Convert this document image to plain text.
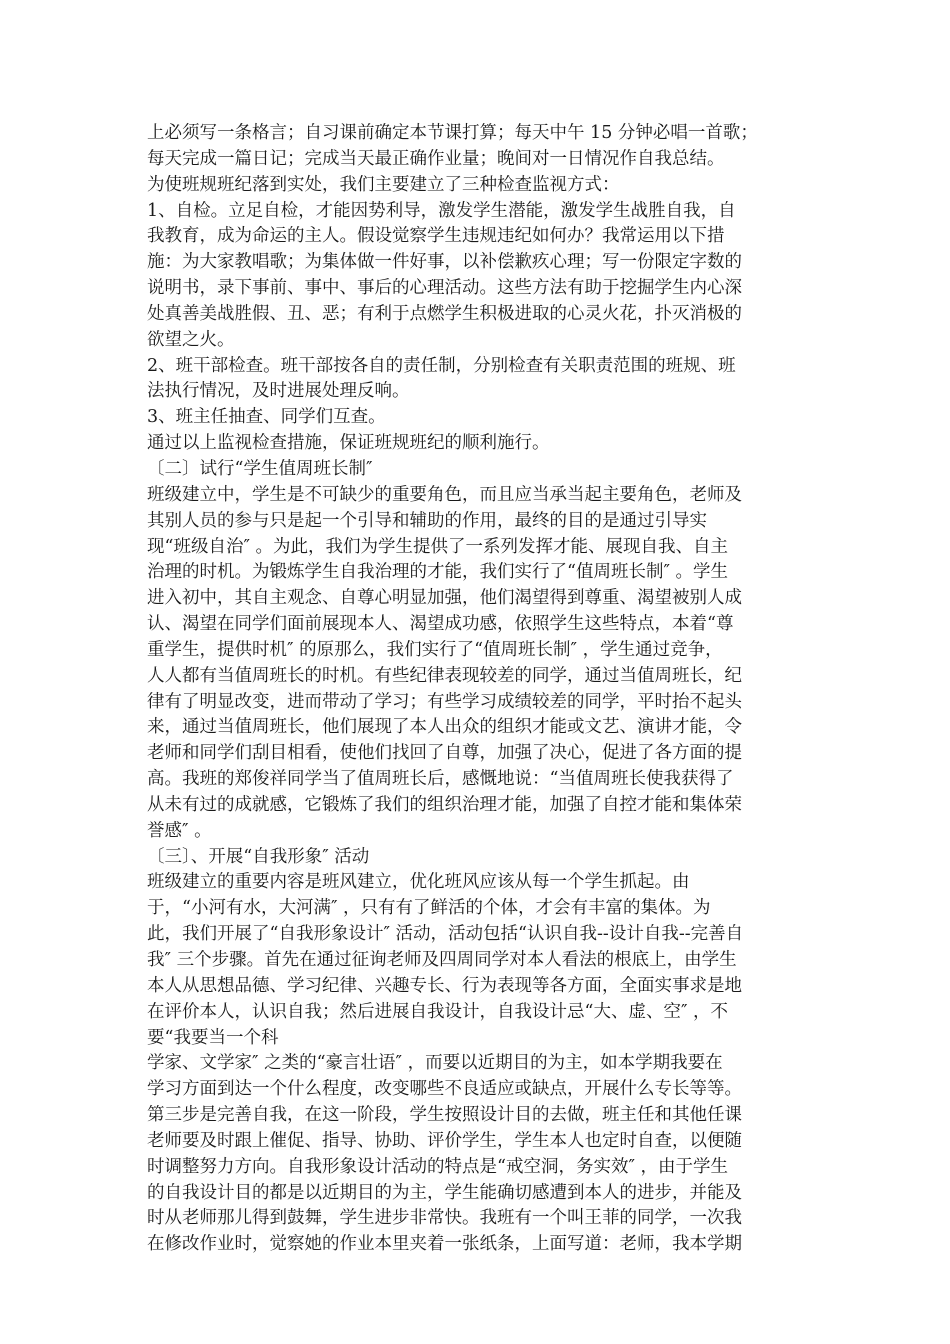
上必须写一条格言；自习课前确定本节课打算；每天中午 15 分钟必唱一首歌；
每天完成一篇日记；完成当天最正确作业量；晚间对一日情况作自我总结。
为使班规班纪落到实处，我们主要建立了三种检查监视方式：
1、自检。立足自检，才能因势利导，激发学生潜能，激发学生战胜自我，自
我教育，成为命运的主人。假设觉察学生违规违纪如何办？我常运用以下措
施：为大家教唱歌；为集体做一件好事，以补偿歉疚心理；写一份限定字数的
说明书，录下事前、事中、事后的心理活动。这些方法有助于挖掘学生内心深
处真善美战胜假、丑、恶；有利于点燃学生积极进取的心灵火花，扑灭消极的
欲望之火。
2、班干部检查。班干部按各自的责任制，分别检查有关职责范围的班规、班
法执行情况，及时进展处理反响。
3、班主任抽查、同学们互查。
通过以上监视检查措施，保证班规班纪的顺利施行。
〔二〕试行“学生值周班长制″
班级建立中，学生是不可缺少的重要角色，而且应当承当起主要角色，老师及
其别人员的参与只是起一个引导和辅助的作用，最终的目的是通过引导实
现“班级自治″ 。为此，我们为学生提供了一系列发挥才能、展现自我、自主
治理的时机。为锻炼学生自我治理的才能，我们实行了“值周班长制″ 。学生
进入初中，其自主观念、自尊心明显加强，他们渴望得到尊重、渴望被别人成
认、渴望在同学们面前展现本人、渴望成功感，依照学生这些特点，本着“尊
重学生，提供时机″ 的原那么，我们实行了“值周班长制″ ，学生通过竞争，
人人都有当值周班长的时机。有些纪律表现较差的同学，通过当值周班长，纪
律有了明显改变，进而带动了学习；有些学习成绩较差的同学，平时抬不起头
来，通过当值周班长，他们展现了本人出众的组织才能或文艺、演讲才能，令
老师和同学们刮目相看，使他们找回了自尊，加强了决心，促进了各方面的提
高。我班的郑俊祥同学当了值周班长后，感慨地说：“当值周班长使我获得了
从未有过的成就感，它锻炼了我们的组织治理才能，加强了自控才能和集体荣
誉感″ 。
〔三〕、开展“自我形象″ 活动
班级建立的重要内容是班风建立，优化班风应该从每一个学生抓起。由
于，“小河有水，大河满″ ，只有有了鲜活的个体，才会有丰富的集体。为
此，我们开展了“自我形象设计″ 活动，活动包括“认识自我--设计自我--完善自
我″ 三个步骤。首先在通过征询老师及四周同学对本人看法的根底上，由学生
本人从思想品德、学习纪律、兴趣专长、行为表现等各方面，全面实事求是地
在评价本人，认识自我；然后进展自我设计，自我设计忌“大、虚、空″ ，不
要“我要当一个科
学家、文学家″ 之类的“豪言壮语″ ，而要以近期目的为主，如本学期我要在
学习方面到达一个什么程度，改变哪些不良适应或缺点，开展什么专长等等。
第三步是完善自我，在这一阶段，学生按照设计目的去做，班主任和其他任课
老师要及时跟上催促、指导、协助、评价学生，学生本人也定时自查，以便随
时调整努力方向。自我形象设计活动的特点是“戒空洞，务实效″ ，由于学生
的自我设计目的都是以近期目的为主，学生能确切感遭到本人的进步，并能及
时从老师那儿得到鼓舞，学生进步非常快。我班有一个叫王菲的同学，一次我
在修改作业时，觉察她的作业本里夹着一张纸条，上面写道：老师，我本学期
